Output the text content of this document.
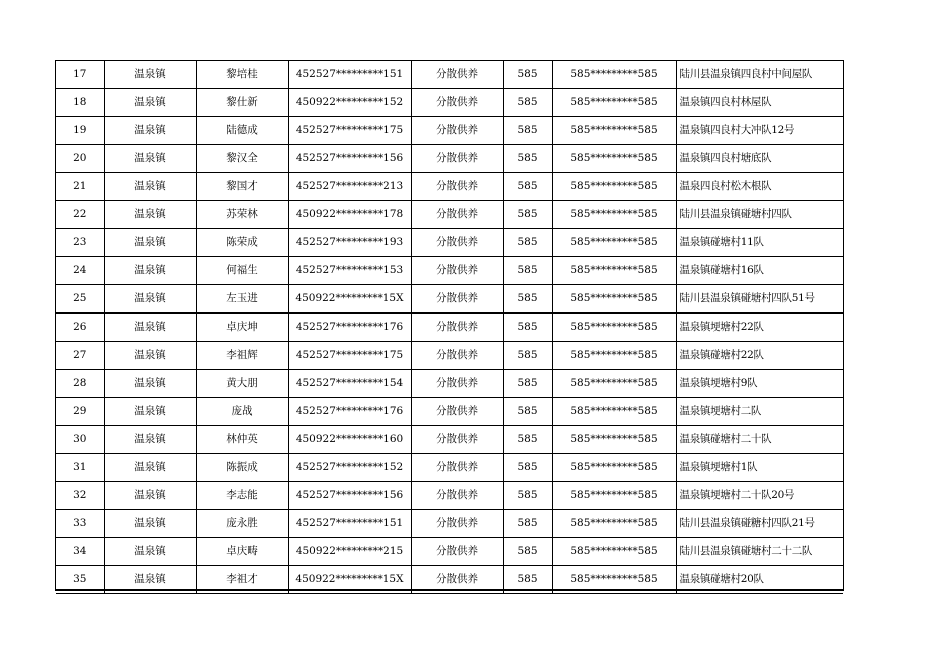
17	温泉镇	黎培桂	452527*********151	分散供养	585	585*********585	陆川县温泉镇四良村中间屋队
18	温泉镇	黎仕新	450922*********152	分散供养	585	585*********585	温泉镇四良村林屋队
19	温泉镇	陆德成	452527*********175	分散供养	585	585*********585	温泉镇四良村大冲队12号
20	温泉镇	黎汉全	452527*********156	分散供养	585	585*********585	温泉镇四良村塘底队
21	温泉镇	黎国才	452527*********213	分散供养	585	585*********585	温泉四良村松木根队
22	温泉镇	苏荣林	450922*********178	分散供养	585	585*********585	陆川县温泉镇碰塘村四队
23	温泉镇	陈荣成	452527*********193	分散供养	585	585*********585	温泉镇碰塘村11队
24	温泉镇	何福生	452527*********153	分散供养	585	585*********585	温泉镇碰塘村16队
25	温泉镇	左玉进	450922*********15X	分散供养	585	585*********585	陆川县温泉镇碰塘村四队51号
26	温泉镇	卓庆坤	452527*********176	分散供养	585	585*********585	温泉镇埂塘村22队
27	温泉镇	李祖辉	452527*********175	分散供养	585	585*********585	温泉镇碰塘村22队
28	温泉镇	黄大朋	452527*********154	分散供养	585	585*********585	温泉镇埂塘村9队
29	温泉镇	庞战	452527*********176	分散供养	585	585*********585	温泉镇埂塘村二队
30	温泉镇	林仲英	450922*********160	分散供养	585	585*********585	温泉镇碰塘村二十队
31	温泉镇	陈振成	452527*********152	分散供养	585	585*********585	温泉镇埂塘村1队
32	温泉镇	李志能	452527*********156	分散供养	585	585*********585	温泉镇埂塘村二十队20号
33	温泉镇	庞永胜	452527*********151	分散供养	585	585*********585	陆川县温泉镇碰糖村四队21号
34	温泉镇	卓庆畴	450922*********215	分散供养	585	585*********585	陆川县温泉镇碰塘村二十二队
35	温泉镇	李祖才	450922*********15X	分散供养	585	585*********585	温泉镇碰塘村20队
